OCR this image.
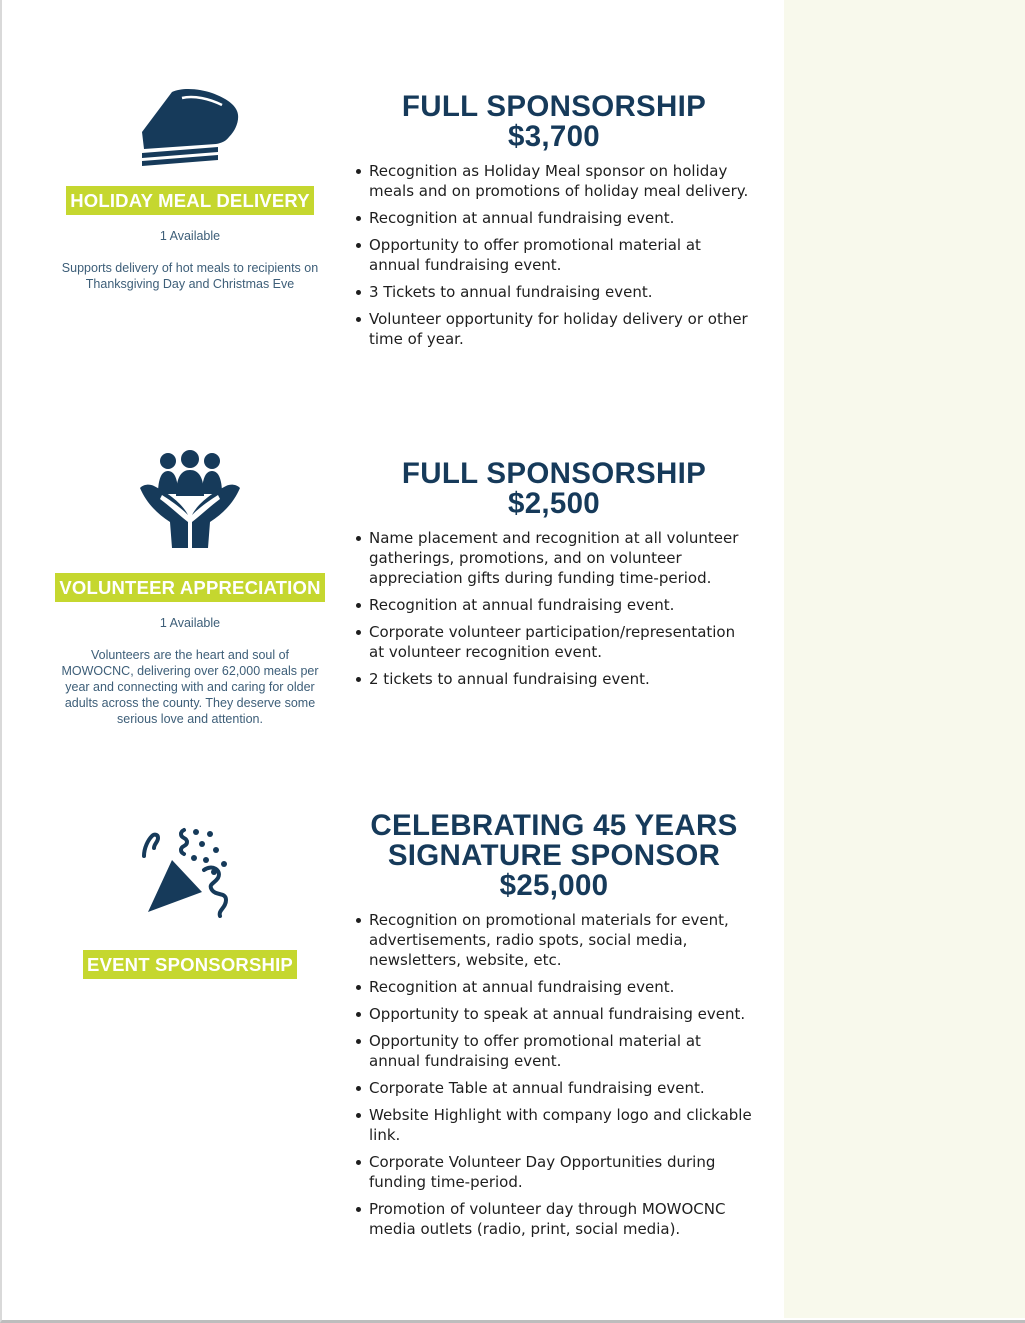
HOLIDAY MEAL DELIVERY
1 Available
Supports delivery of hot meals to recipients on Thanksgiving Day and Christmas Eve
FULL SPONSORSHIP
$3,700
Recognition as Holiday Meal sponsor on holiday meals and on promotions of holiday meal delivery.
Recognition at annual fundraising event.
Opportunity to offer promotional material at annual fundraising event.
3 Tickets to annual fundraising event.
Volunteer opportunity for holiday delivery or other time of year.
VOLUNTEER APPRECIATION
1 Available
Volunteers are the heart and soul of MOWOCNC, delivering over 62,000 meals per year and connecting with and caring for older adults across the county. They deserve some serious love and attention.
FULL SPONSORSHIP
$2,500
Name placement and recognition at all volunteer gatherings, promotions, and on volunteer appreciation gifts during funding time-period.
Recognition at annual fundraising event.
Corporate volunteer participation/representation at volunteer recognition event.
2 tickets to annual fundraising event.
EVENT SPONSORSHIP
CELEBRATING 45 YEARS
SIGNATURE SPONSOR
$25,000
Recognition on promotional materials for event, advertisements, radio spots, social media, newsletters, website, etc.
Recognition at annual fundraising event.
Opportunity to speak at annual fundraising event.
Opportunity to offer promotional material at annual fundraising event.
Corporate Table at annual fundraising event.
Website Highlight with company logo and clickable link.
Corporate Volunteer Day Opportunities during funding time-period.
Promotion of volunteer day through MOWOCNC media outlets (radio, print, social media).
